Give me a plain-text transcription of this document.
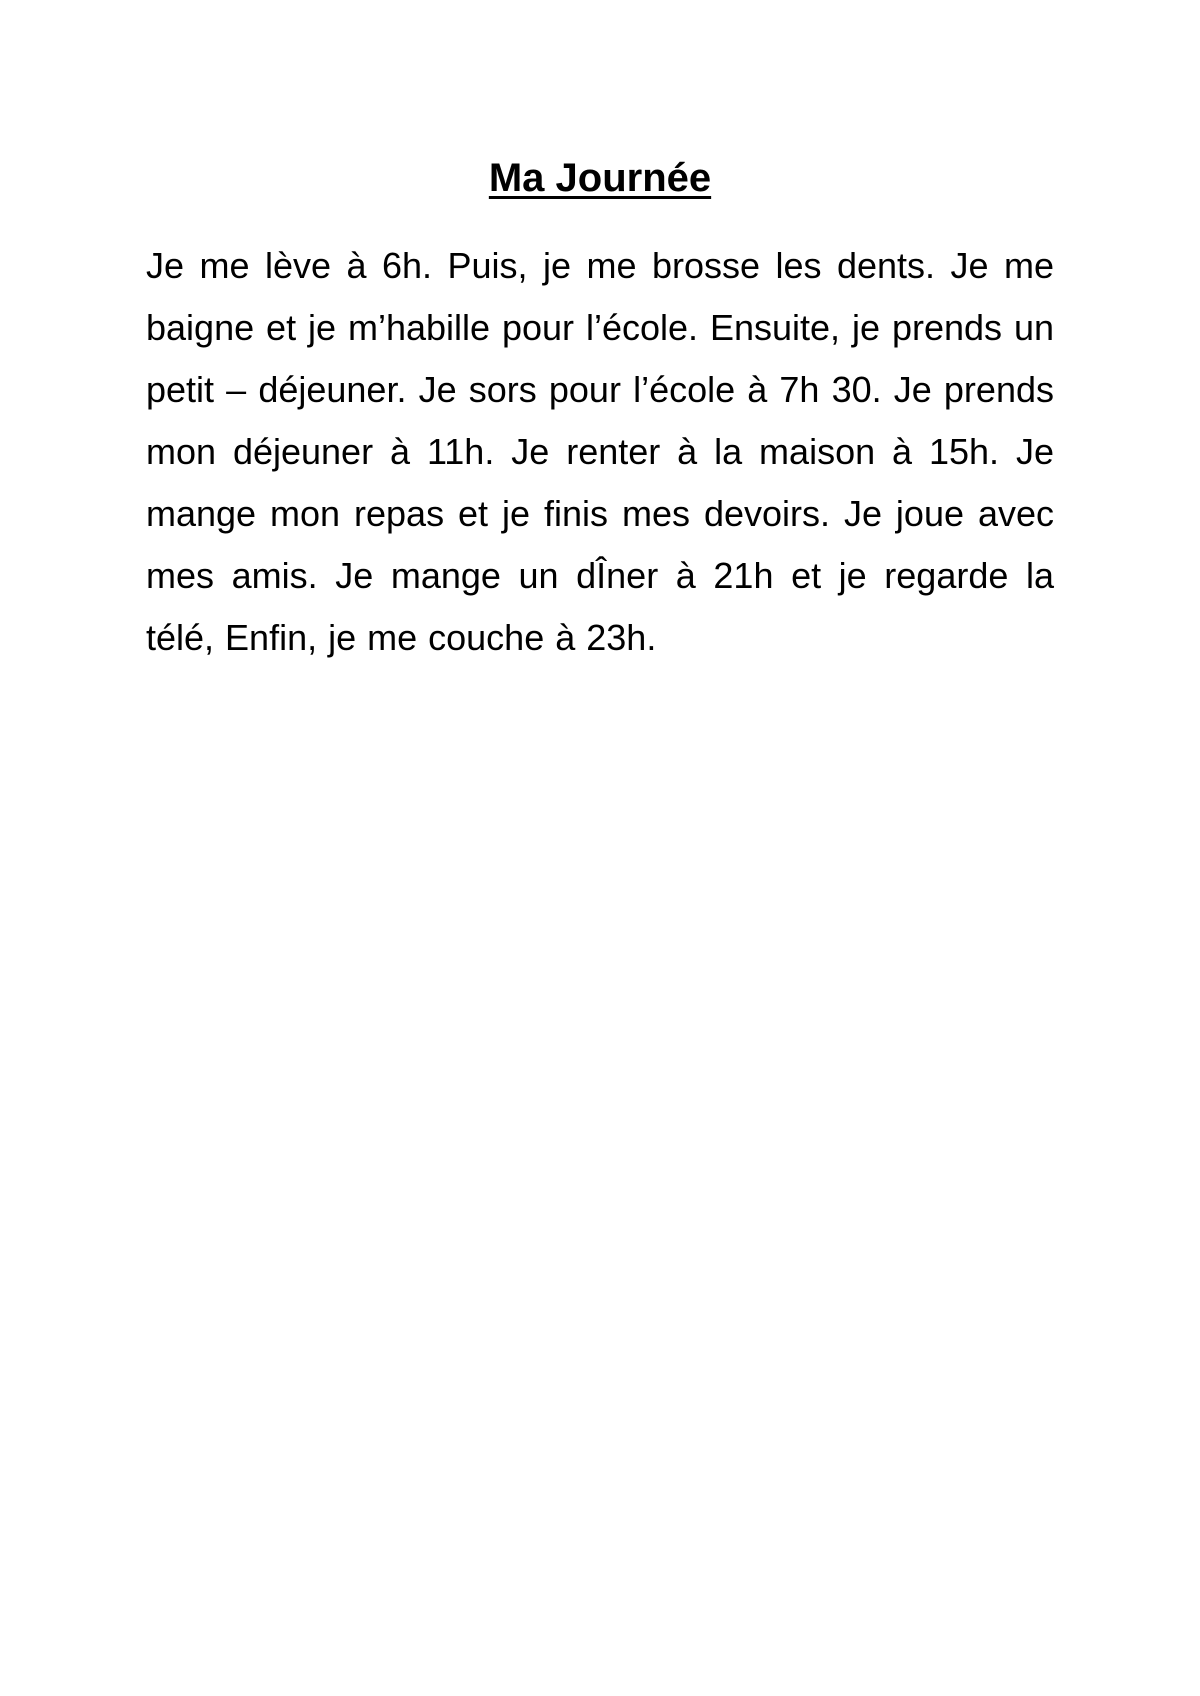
Ma Journée

Je me lève à 6h. Puis, je me brosse les dents. Je me baigne et je m’habille pour l’école. Ensuite, je prends un petit – déjeuner. Je sors pour l’école à 7h 30. Je prends mon déjeuner à 11h. Je renter à la maison à 15h. Je mange mon repas et je finis mes devoirs. Je joue avec mes amis. Je mange un dÎner à 21h et je regarde la télé, Enfin, je me couche à 23h.
